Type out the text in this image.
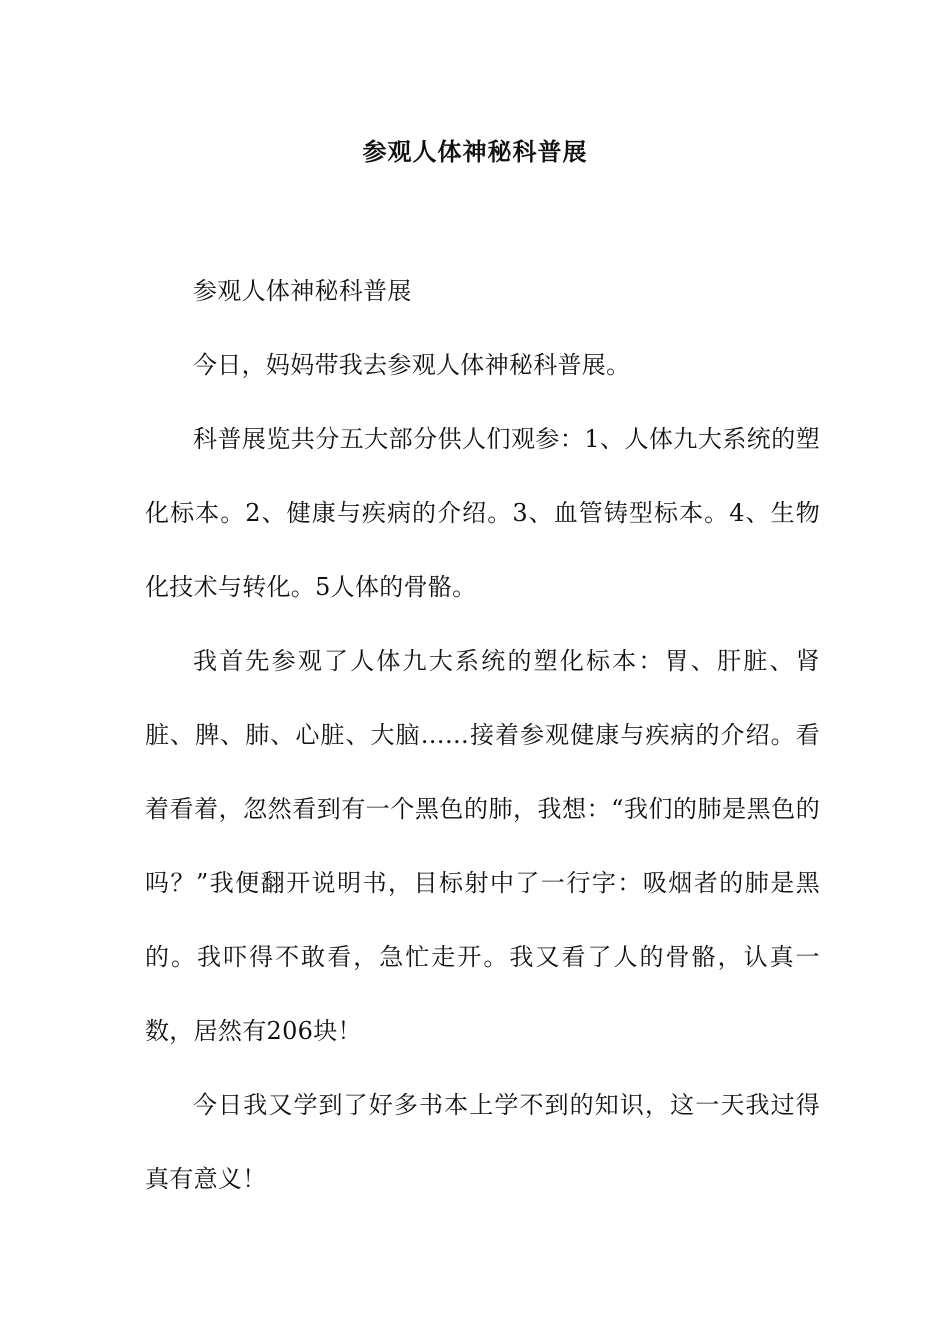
参观人体神秘科普展

参观人体神秘科普展

今日，妈妈带我去参观人体神秘科普展。

科普展览共分五大部分供人们观参：1、人体九大系统的塑化标本。2、健康与疾病的介绍。3、血管铸型标本。4、生物化技术与转化。5人体的骨骼。

我首先参观了人体九大系统的塑化标本：胃、肝脏、肾脏、脾、肺、心脏、大脑……接着参观健康与疾病的介绍。看着看着，忽然看到有一个黑色的肺，我想：“我们的肺是黑色的吗？”我便翻开说明书，目标射中了一行字：吸烟者的肺是黑的。我吓得不敢看，急忙走开。我又看了人的骨骼，认真一数，居然有206块！

今日我又学到了好多书本上学不到的知识，这一天我过得真有意义！
